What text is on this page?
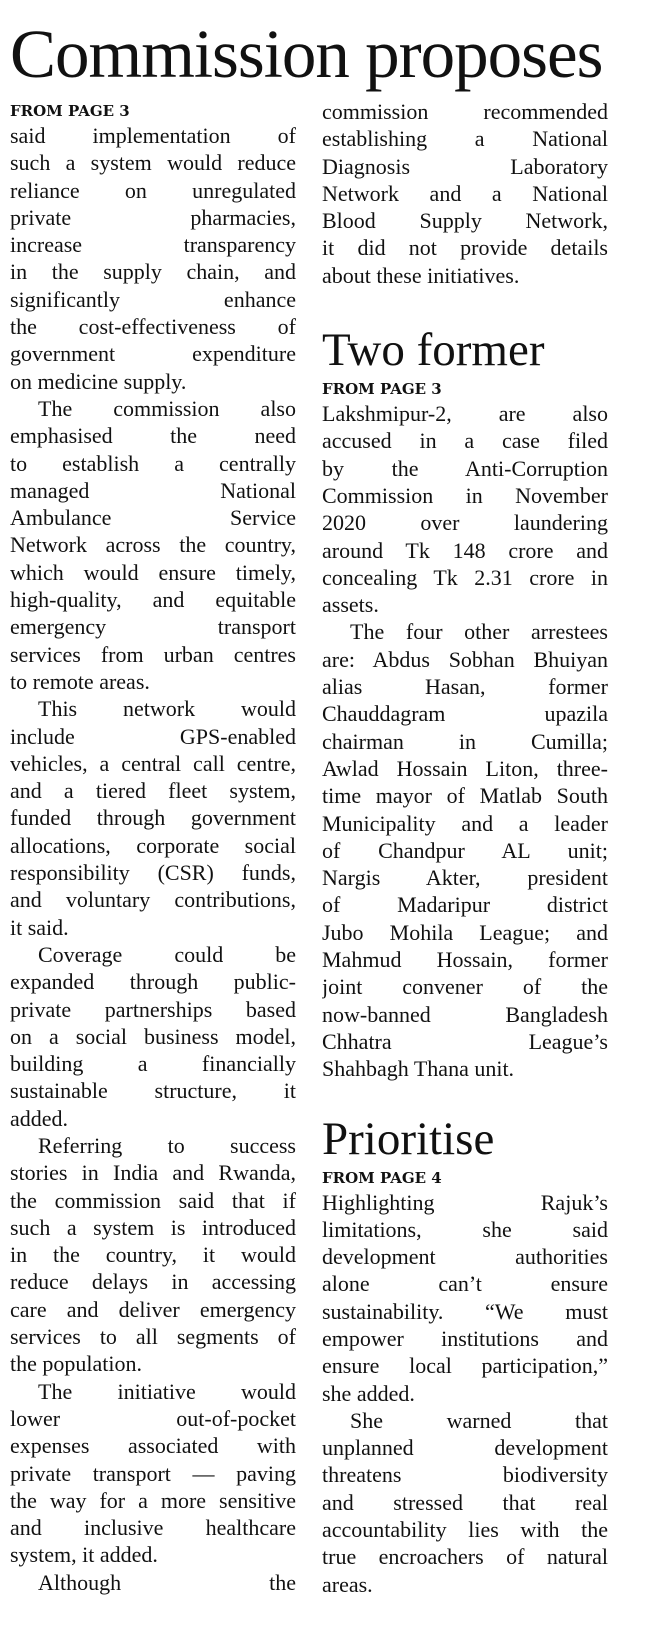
Commission proposes

FROM PAGE 3

said implementation of
such a system would reduce
reliance on unregulated
private pharmacies,
increase transparency
in the supply chain, and
significantly enhance
the cost-effectiveness of
government expenditure
on medicine supply.
The commission also
emphasised the need
to establish a centrally
managed National
Ambulance Service
Network across the country,
which would ensure timely,
high-quality, and equitable
emergency transport
services from urban centres
to remote areas.
This network would
include GPS-enabled
vehicles, a central call centre,
and a tiered fleet system,
funded through government
allocations, corporate social
responsibility (CSR) funds,
and voluntary contributions,
it said.
Coverage could be
expanded through public-
private partnerships based
on a social business model,
building a financially
sustainable structure, it
added.
Referring to success
stories in India and Rwanda,
the commission said that if
such a system is introduced
in the country, it would
reduce delays in accessing
care and deliver emergency
services to all segments of
the population.
The initiative would
lower out-of-pocket
expenses associated with
private transport — paving
the way for a more sensitive
and inclusive healthcare
system, it added.
Although the
commission recommended
establishing a National
Diagnosis Laboratory
Network and a National
Blood Supply Network,
it did not provide details
about these initiatives.
Two former

FROM PAGE 3

Lakshmipur-2, are also
accused in a case filed
by the Anti-Corruption
Commission in November
2020 over laundering
around Tk 148 crore and
concealing Tk 2.31 crore in
assets.
The four other arrestees
are: Abdus Sobhan Bhuiyan
alias Hasan, former
Chauddagram upazila
chairman in Cumilla;
Awlad Hossain Liton, three-
time mayor of Matlab South
Municipality and a leader
of Chandpur AL unit;
Nargis Akter, president
of Madaripur district
Jubo Mohila League; and
Mahmud Hossain, former
joint convener of the
now-banned Bangladesh
Chhatra League’s
Shahbagh Thana unit.
Prioritise

FROM PAGE 4

Highlighting Rajuk’s
limitations, she said
development authorities
alone can’t ensure
sustainability. “We must
empower institutions and
ensure local participation,”
she added.
She warned that
unplanned development
threatens biodiversity
and stressed that real
accountability lies with the
true encroachers of natural
areas.
